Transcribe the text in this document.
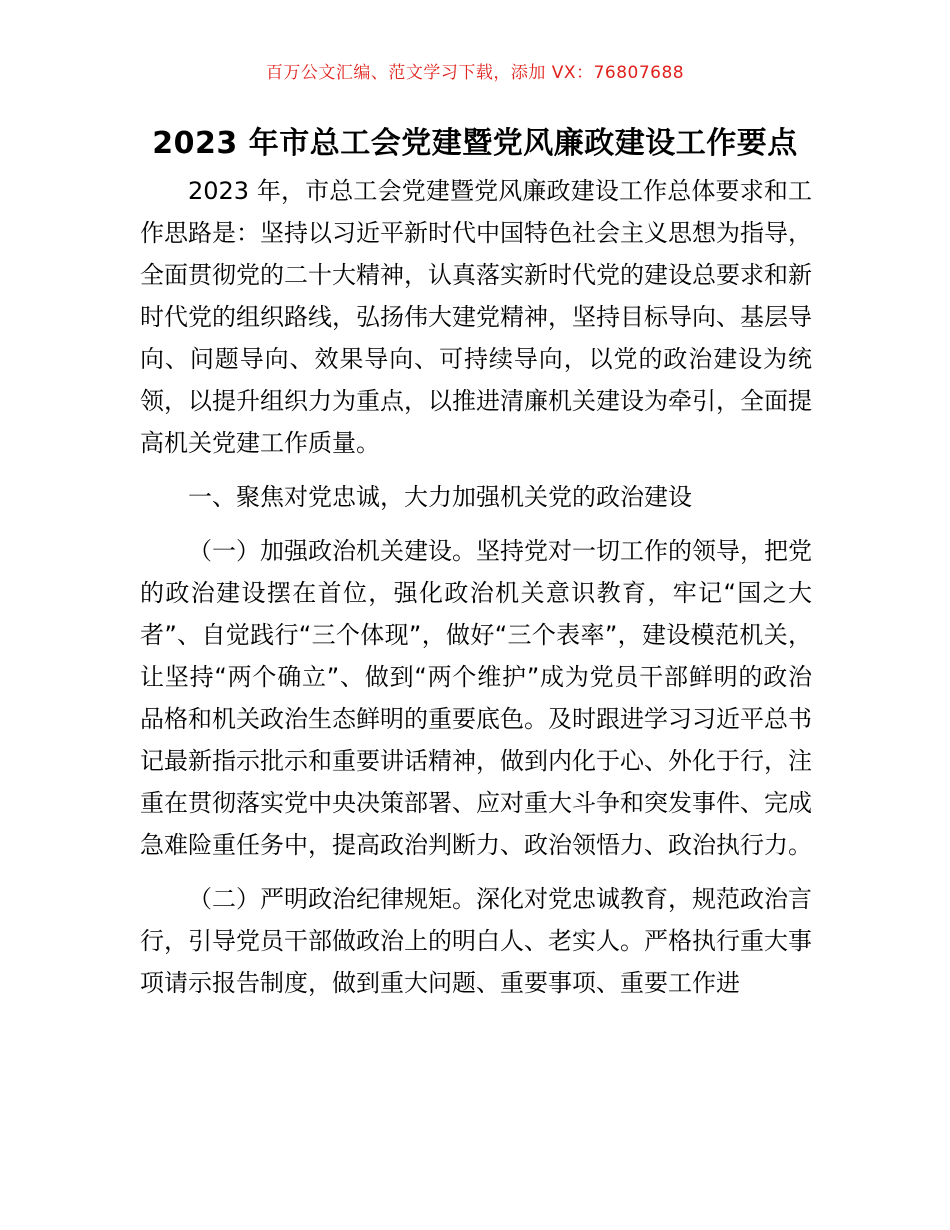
百万公文汇编、范文学习下载，添加 VX：76807688
2023 年市总工会党建暨党风廉政建设工作要点

2023 年，市总工会党建暨党风廉政建设工作总体要求和工作思路是：坚持以习近平新时代中国特色社会主义思想为指导，全面贯彻党的二十大精神，认真落实新时代党的建设总要求和新时代党的组织路线，弘扬伟大建党精神，坚持目标导向、基层导向、问题导向、效果导向、可持续导向，以党的政治建设为统领，以提升组织力为重点，以推进清廉机关建设为牵引，全面提高机关党建工作质量。

一、聚焦对党忠诚，大力加强机关党的政治建设

（一）加强政治机关建设。坚持党对一切工作的领导，把党的政治建设摆在首位，强化政治机关意识教育，牢记“国之大者”、自觉践行“三个体现”，做好“三个表率”，建设模范机关，让坚持“两个确立”、做到“两个维护”成为党员干部鲜明的政治品格和机关政治生态鲜明的重要底色。及时跟进学习习近平总书记最新指示批示和重要讲话精神，做到内化于心、外化于行，注重在贯彻落实党中央决策部署、应对重大斗争和突发事件、完成急难险重任务中，提高政治判断力、政治领悟力、政治执行力。

（二）严明政治纪律规矩。深化对党忠诚教育，规范政治言行，引导党员干部做政治上的明白人、老实人。严格执行重大事项请示报告制度，做到重大问题、重要事项、重要工作进
